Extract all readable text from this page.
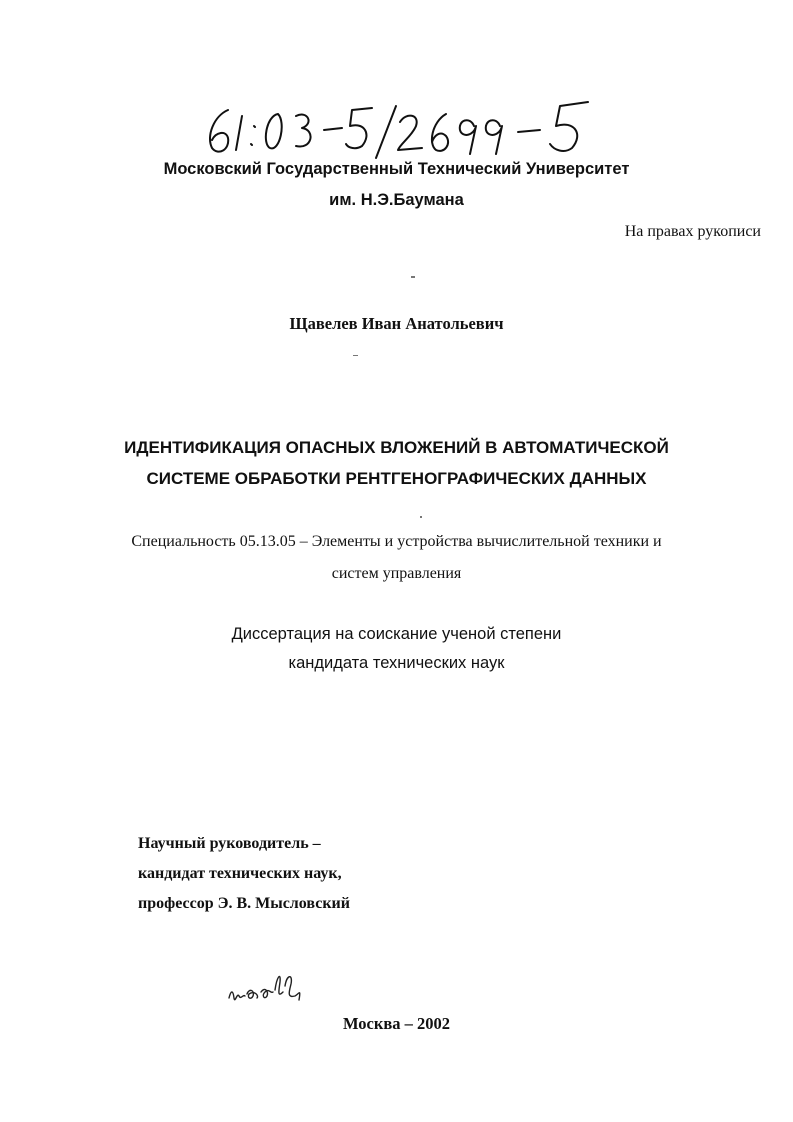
Московский Государственный Технический Университет
им. Н.Э.Баумана
На правах рукописи
Щавелев Иван Анатольевич
ИДЕНТИФИКАЦИЯ ОПАСНЫХ ВЛОЖЕНИЙ В АВТОМАТИЧЕСКОЙ
СИСТЕМЕ ОБРАБОТКИ РЕНТГЕНОГРАФИЧЕСКИХ ДАННЫХ
Специальность 05.13.05 – Элементы и устройства вычислительной техники и
систем управления
Диссертация на соискание ученой степени
кандидата технических наук
Научный руководитель –
кандидат технических наук,
профессор Э. В. Мысловский
Москва – 2002
